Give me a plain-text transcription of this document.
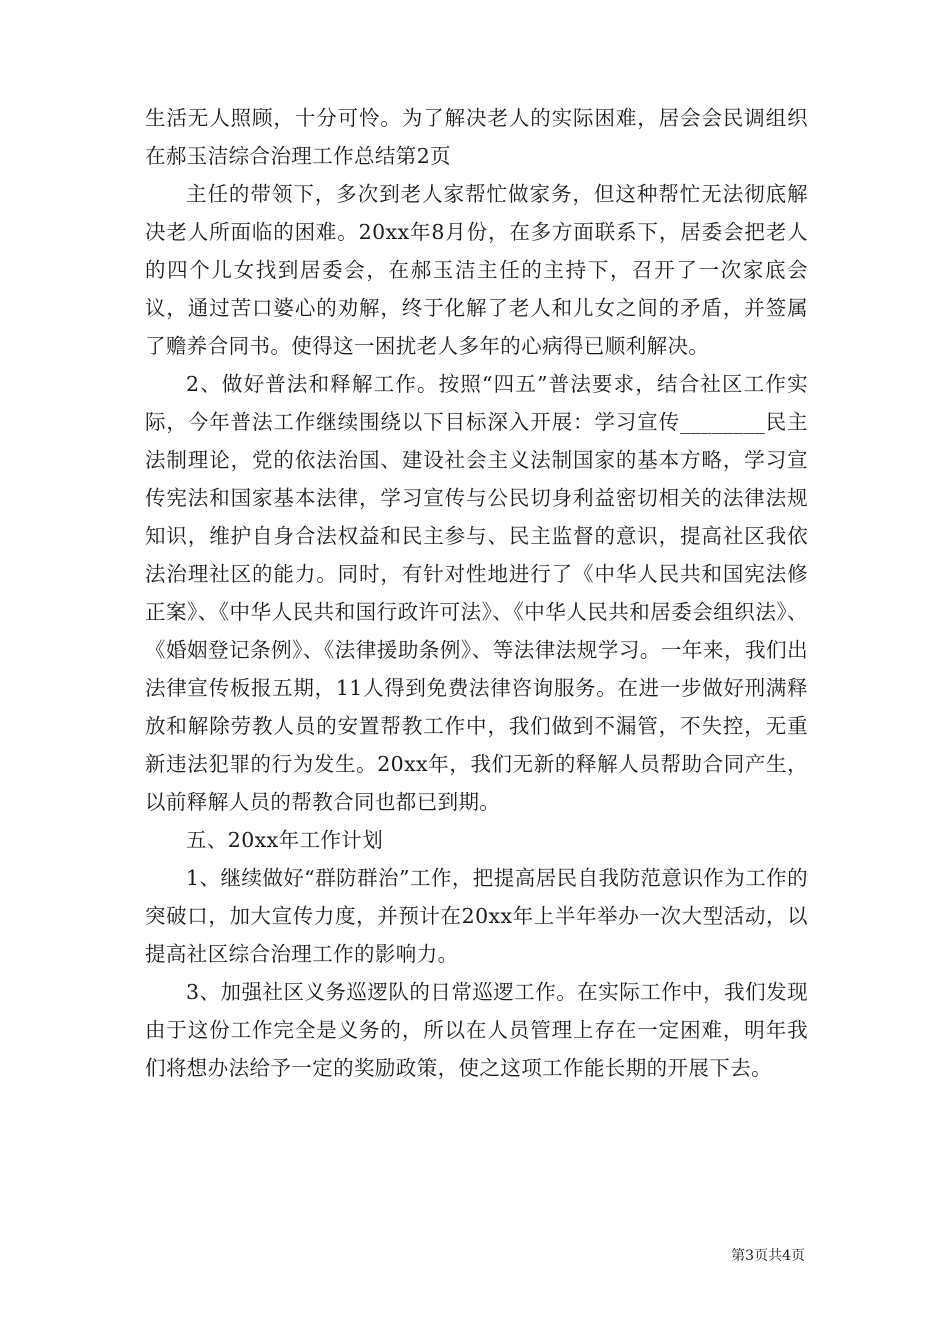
生活无人照顾，十分可怜。为了解决老人的实际困难，居会会民调组织在郝玉洁综合治理工作总结第2页

主任的带领下，多次到老人家帮忙做家务，但这种帮忙无法彻底解决老人所面临的困难。20xx年8月份，在多方面联系下，居委会把老人的四个儿女找到居委会，在郝玉洁主任的主持下，召开了一次家底会议，通过苦口婆心的劝解，终于化解了老人和儿女之间的矛盾，并签属了赡养合同书。使得这一困扰老人多年的心病得已顺利解决。

2、做好普法和释解工作。按照“四五”普法要求，结合社区工作实际，今年普法工作继续围绕以下目标深入开展：学习宣传________民主法制理论，党的依法治国、建设社会主义法制国家的基本方略，学习宣传宪法和国家基本法律，学习宣传与公民切身利益密切相关的法律法规知识，维护自身合法权益和民主参与、民主监督的意识，提高社区我依法治理社区的能力。同时，有针对性地进行了《中华人民共和国宪法修正案》、《中华人民共和国行政许可法》、《中华人民共和居委会组织法》、《婚姻登记条例》、《法律援助条例》、等法律法规学习。一年来，我们出法律宣传板报五期，11人得到免费法律咨询服务。在进一步做好刑满释放和解除劳教人员的安置帮教工作中，我们做到不漏管，不失控，无重新违法犯罪的行为发生。20xx年，我们无新的释解人员帮助合同产生，以前释解人员的帮教合同也都已到期。

五、20xx年工作计划

1、继续做好“群防群治”工作，把提高居民自我防范意识作为工作的突破口，加大宣传力度，并预计在20xx年上半年举办一次大型活动，以提高社区综合治理工作的影响力。

3、加强社区义务巡逻队的日常巡逻工作。在实际工作中，我们发现由于这份工作完全是义务的，所以在人员管理上存在一定困难，明年我们将想办法给予一定的奖励政策，使之这项工作能长期的开展下去。

第3页共4页
